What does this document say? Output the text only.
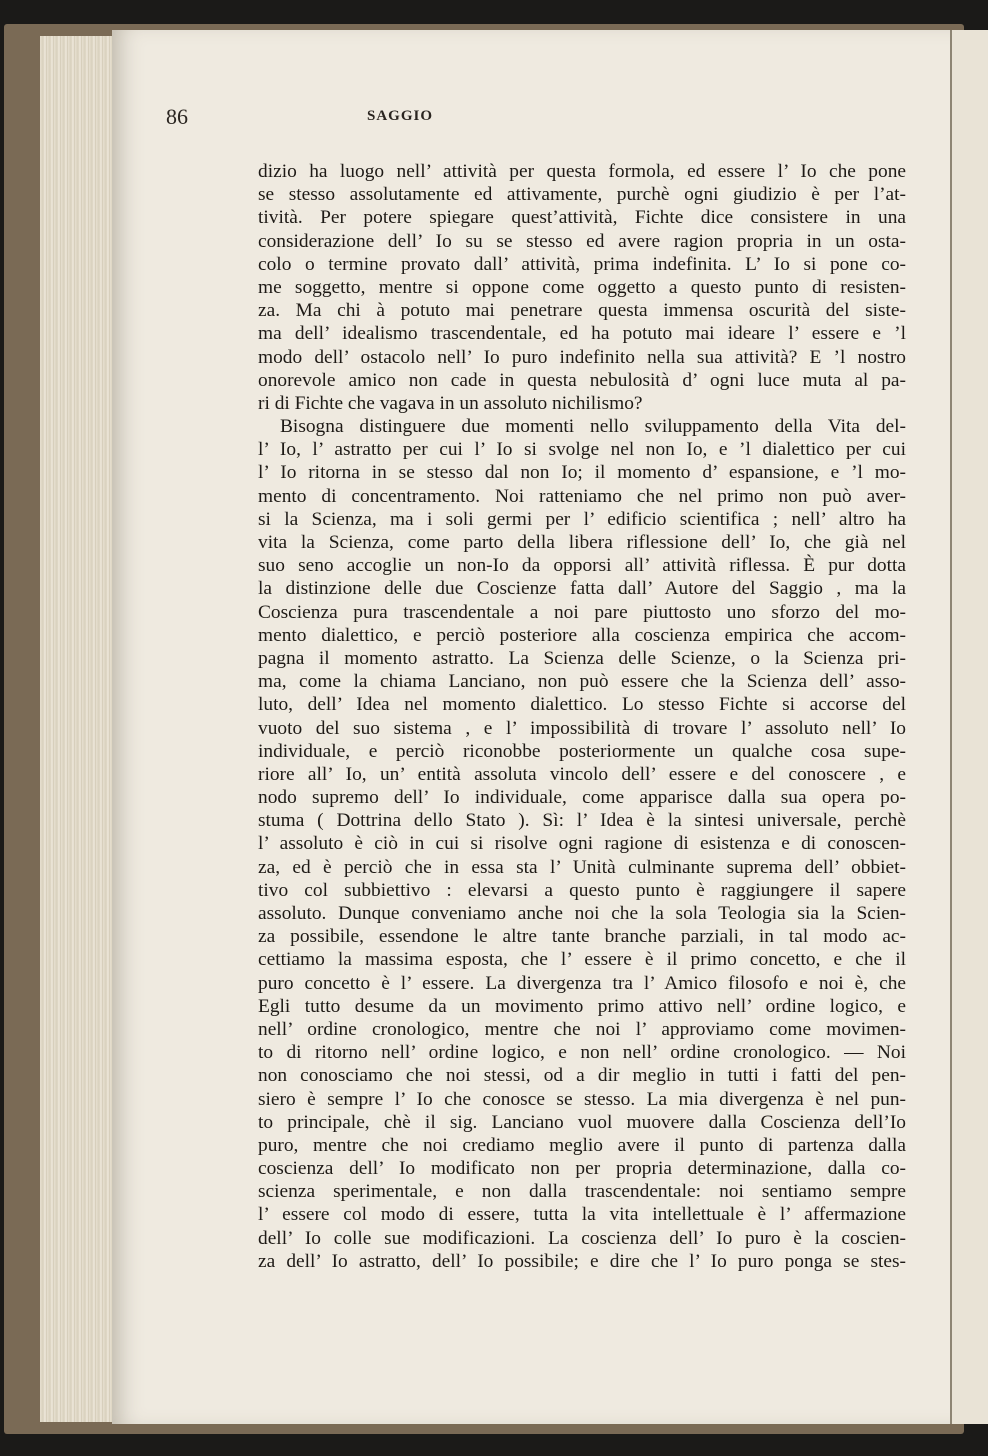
86	SAGGIO
dizio ha luogo nell’ attività per questa formola, ed essere l’ Io che pone
se stesso assolutamente ed attivamente, purchè ogni giudizio è per l’at-
tività. Per potere spiegare quest’attività, Fichte dice consistere in una
considerazione dell’ Io su se stesso ed avere ragion propria in un osta-
colo o termine provato dall’ attività, prima indefinita. L’ Io si pone co-
me soggetto, mentre si oppone come oggetto a questo punto di resisten-
za. Ma chi à potuto mai penetrare questa immensa oscurità del siste-
ma dell’ idealismo trascendentale, ed ha potuto mai ideare l’ essere e ’l
modo dell’ ostacolo nell’ Io puro indefinito nella sua attività? E ’l nostro
onorevole amico non cade in questa nebulosità d’ ogni luce muta al pa-
ri di Fichte che vagava in un assoluto nichilismo?
Bisogna distinguere due momenti nello sviluppamento della Vita del-
l’ Io, l’ astratto per cui l’ Io si svolge nel non Io, e ’l dialettico per cui
l’ Io ritorna in se stesso dal non Io; il momento d’ espansione, e ’l mo-
mento di concentramento. Noi ratteniamo che nel primo non può aver-
si la Scienza, ma i soli germi per l’ edificio scientifica ; nell’ altro ha
vita la Scienza, come parto della libera riflessione dell’ Io, che già nel
suo seno accoglie un non-Io da opporsi all’ attività riflessa. È pur dotta
la distinzione delle due Coscienze fatta dall’ Autore del Saggio , ma la
Coscienza pura trascendentale a noi pare piuttosto uno sforzo del mo-
mento dialettico, e perciò posteriore alla coscienza empirica che accom-
pagna il momento astratto. La Scienza delle Scienze, o la Scienza pri-
ma, come la chiama Lanciano, non può essere che la Scienza dell’ asso-
luto, dell’ Idea nel momento dialettico. Lo stesso Fichte si accorse del
vuoto del suo sistema , e l’ impossibilità di trovare l’ assoluto nell’ Io
individuale, e perciò riconobbe posteriormente un qualche cosa supe-
riore all’ Io, un’ entità assoluta vincolo dell’ essere e del conoscere , e
nodo supremo dell’ Io individuale, come apparisce dalla sua opera po-
stuma ( Dottrina dello Stato ). Sì: l’ Idea è la sintesi universale, perchè
l’ assoluto è ciò in cui si risolve ogni ragione di esistenza e di conoscen-
za, ed è perciò che in essa sta l’ Unità culminante suprema dell’ obbiet-
tivo col subbiettivo : elevarsi a questo punto è raggiungere il sapere
assoluto. Dunque conveniamo anche noi che la sola Teologia sia la Scien-
za possibile, essendone le altre tante branche parziali, in tal modo ac-
cettiamo la massima esposta, che l’ essere è il primo concetto, e che il
puro concetto è l’ essere. La divergenza tra l’ Amico filosofo e noi è, che
Egli tutto desume da un movimento primo attivo nell’ ordine logico, e
nell’ ordine cronologico, mentre che noi l’ approviamo come movimen-
to di ritorno nell’ ordine logico, e non nell’ ordine cronologico. — Noi
non conosciamo che noi stessi, od a dir meglio in tutti i fatti del pen-
siero è sempre l’ Io che conosce se stesso. La mia divergenza è nel pun-
to principale, chè il sig. Lanciano vuol muovere dalla Coscienza dell’Io
puro, mentre che noi crediamo meglio avere il punto di partenza dalla
coscienza dell’ Io modificato non per propria determinazione, dalla co-
scienza sperimentale, e non dalla trascendentale: noi sentiamo sempre
l’ essere col modo di essere, tutta la vita intellettuale è l’ affermazione
dell’ Io colle sue modificazioni. La coscienza dell’ Io puro è la coscien-
za dell’ Io astratto, dell’ Io possibile; e dire che l’ Io puro ponga se stes-
